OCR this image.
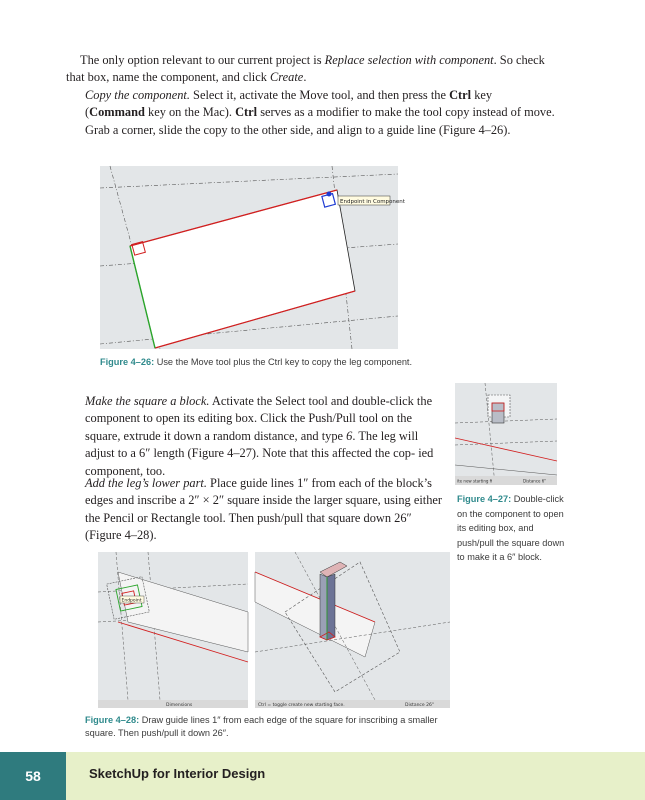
The only option relevant to our current project is Replace selection with component. So check that box, name the component, and click Create.
Copy the component. Select it, activate the Move tool, and then press the Ctrl key (Command key on the Mac). Ctrl serves as a modifier to make the tool copy instead of move. Grab a corner, slide the copy to the other side, and align to a guide line (Figure 4–26).
Endpoint in Component
Figure 4–26: Use the Move tool plus the Ctrl key to copy the leg component.
Make the square a block. Activate the Select tool and double-click the component to open its editing box. Click the Push/Pull tool on the square, extrude it down a random distance, and type 6. The leg will adjust to a 6″ length (Figure 4–27). Note that this affected the cop- ied component, too.
Add the leg’s lower part. Place guide lines 1″ from each of the block’s edges and inscribe a 2″ × 2″ square inside the larger square, using either the Pencil or Rectangle tool. Then push/pull that square down 26″ (Figure 4–28).
ite new starting fi	Distance 6"
Figure 4–27: Double-click on the component to open its editing box, and push/pull the square down to make it a 6″ block.
Endpoint
Dimensions	Ctrl = toggle create new starting face.	Distance 26"
Figure 4–28: Draw guide lines 1″ from each edge of the square for inscribing a smaller square. Then push/pull it down 26″.
58	SketchUp for Interior Design
